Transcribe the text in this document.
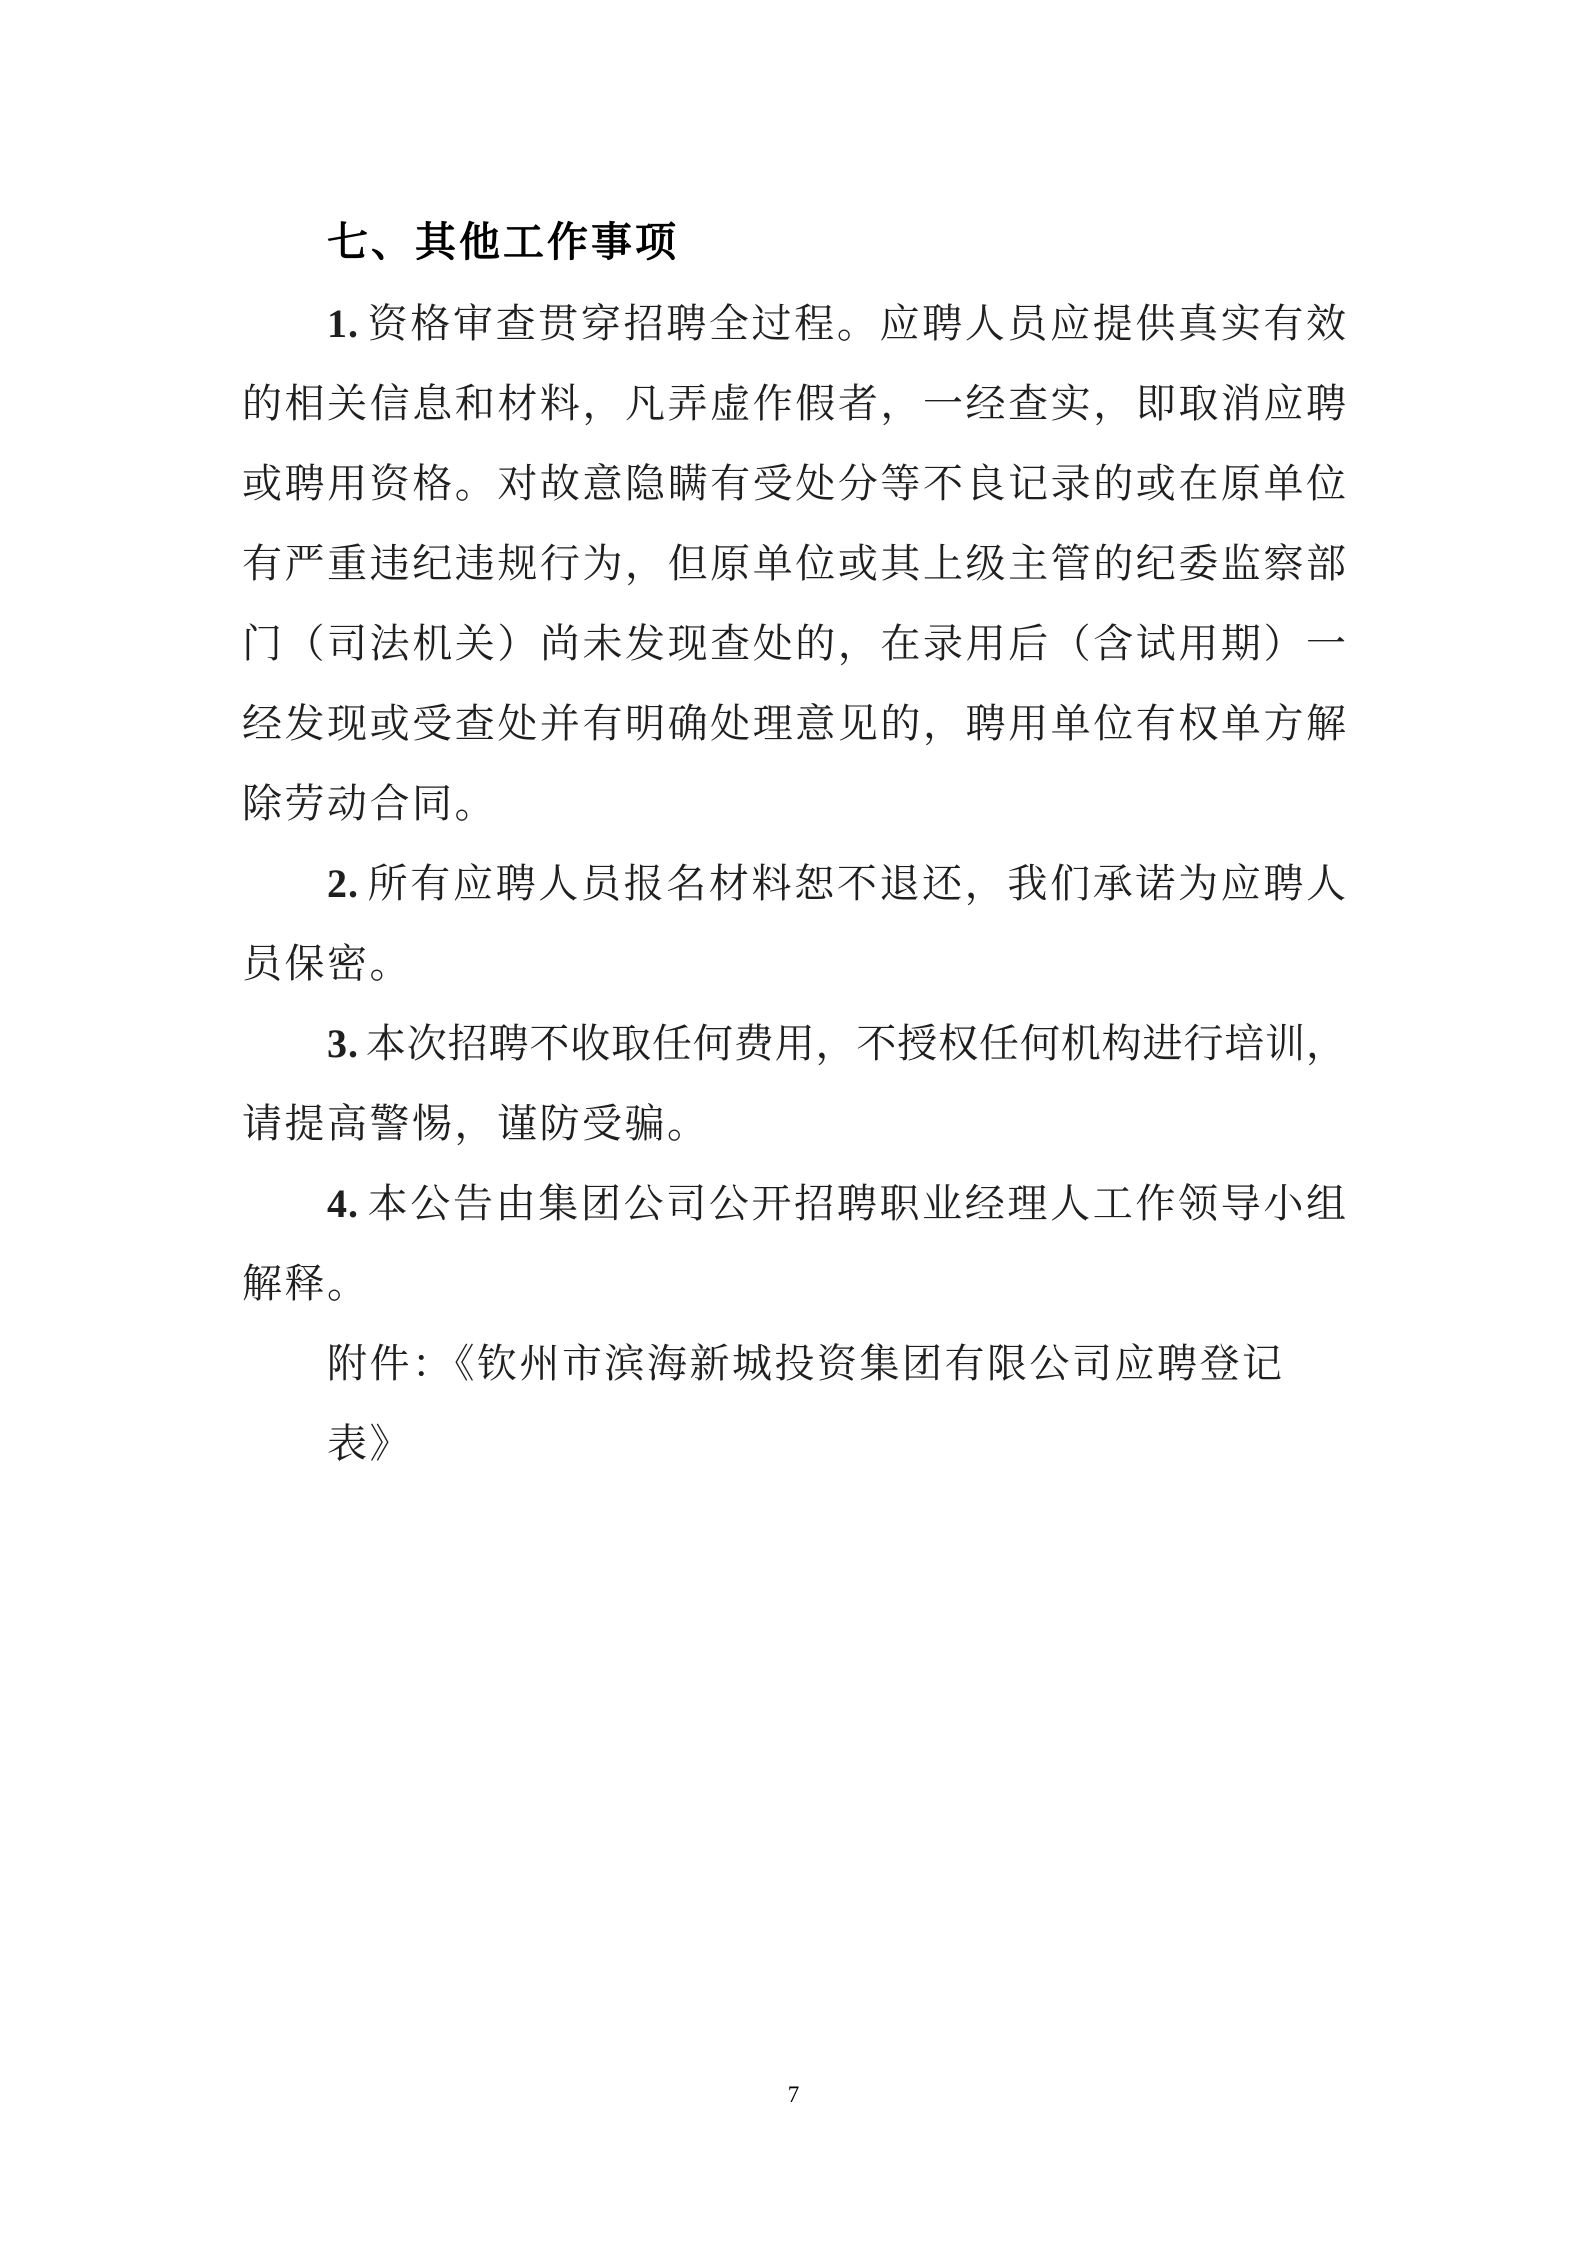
七、其他工作事项
1. 资格审查贯穿招聘全过程。应聘人员应提供真实有效
的相关信息和材料，凡弄虚作假者，一经查实，即取消应聘
或聘用资格。对故意隐瞒有受处分等不良记录的或在原单位
有严重违纪违规行为，但原单位或其上级主管的纪委监察部
门（司法机关）尚未发现查处的，在录用后（含试用期）一
经发现或受查处并有明确处理意见的，聘用单位有权单方解
除劳动合同。
2. 所有应聘人员报名材料恕不退还，我们承诺为应聘人
员保密。
3. 本次招聘不收取任何费用，不授权任何机构进行培训，
请提高警惕，谨防受骗。
4. 本公告由集团公司公开招聘职业经理人工作领导小组
解释。
附件：《钦州市滨海新城投资集团有限公司应聘登记表》
7
